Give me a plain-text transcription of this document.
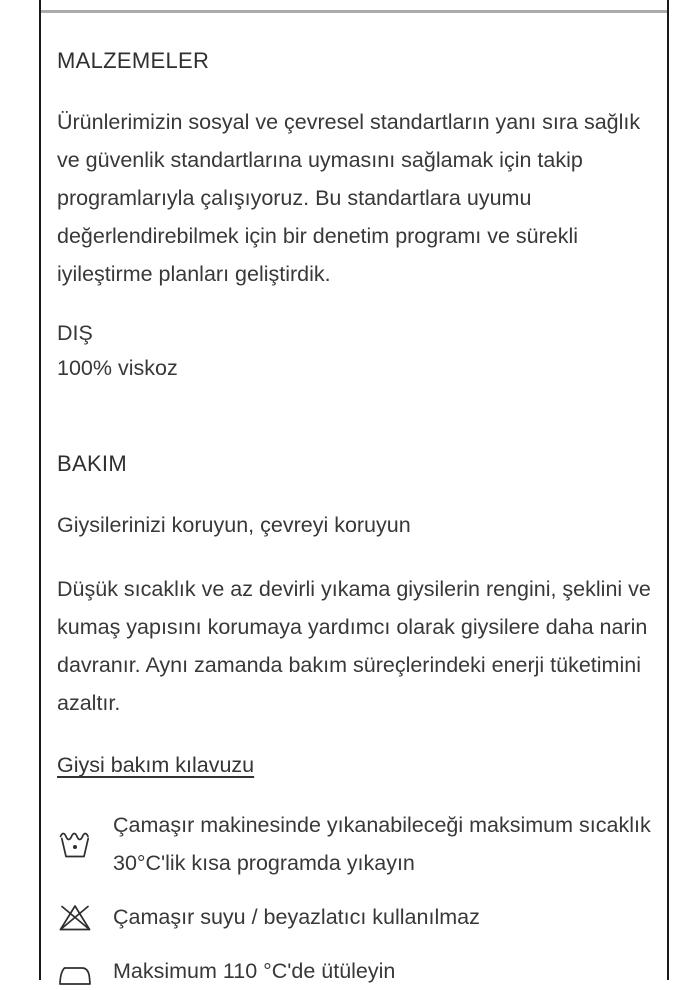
MALZEMELER

Ürünlerimizin sosyal ve çevresel standartların yanı sıra sağlık ve güvenlik standartlarına uymasını sağlamak için takip programlarıyla çalışıyoruz. Bu standartlara uyumu değerlendirebilmek için bir denetim programı ve sürekli iyileştirme planları geliştirdik.

DIŞ
100% viskoz
BAKIM

Giysilerinizi koruyun, çevreyi koruyun

Düşük sıcaklık ve az devirli yıkama giysilerin rengini, şeklini ve kumaş yapısını korumaya yardımcı olarak giysilere daha narin davranır. Aynı zamanda bakım süreçlerindeki enerji tüketimini azaltır.

Giysi bakım kılavuzu
Çamaşır makinesinde yıkanabileceği maksimum sıcaklık 30°C'lik kısa programda yıkayın
Çamaşır suyu / beyazlatıcı kullanılmaz
Maksimum 110 °C'de ütüleyin
